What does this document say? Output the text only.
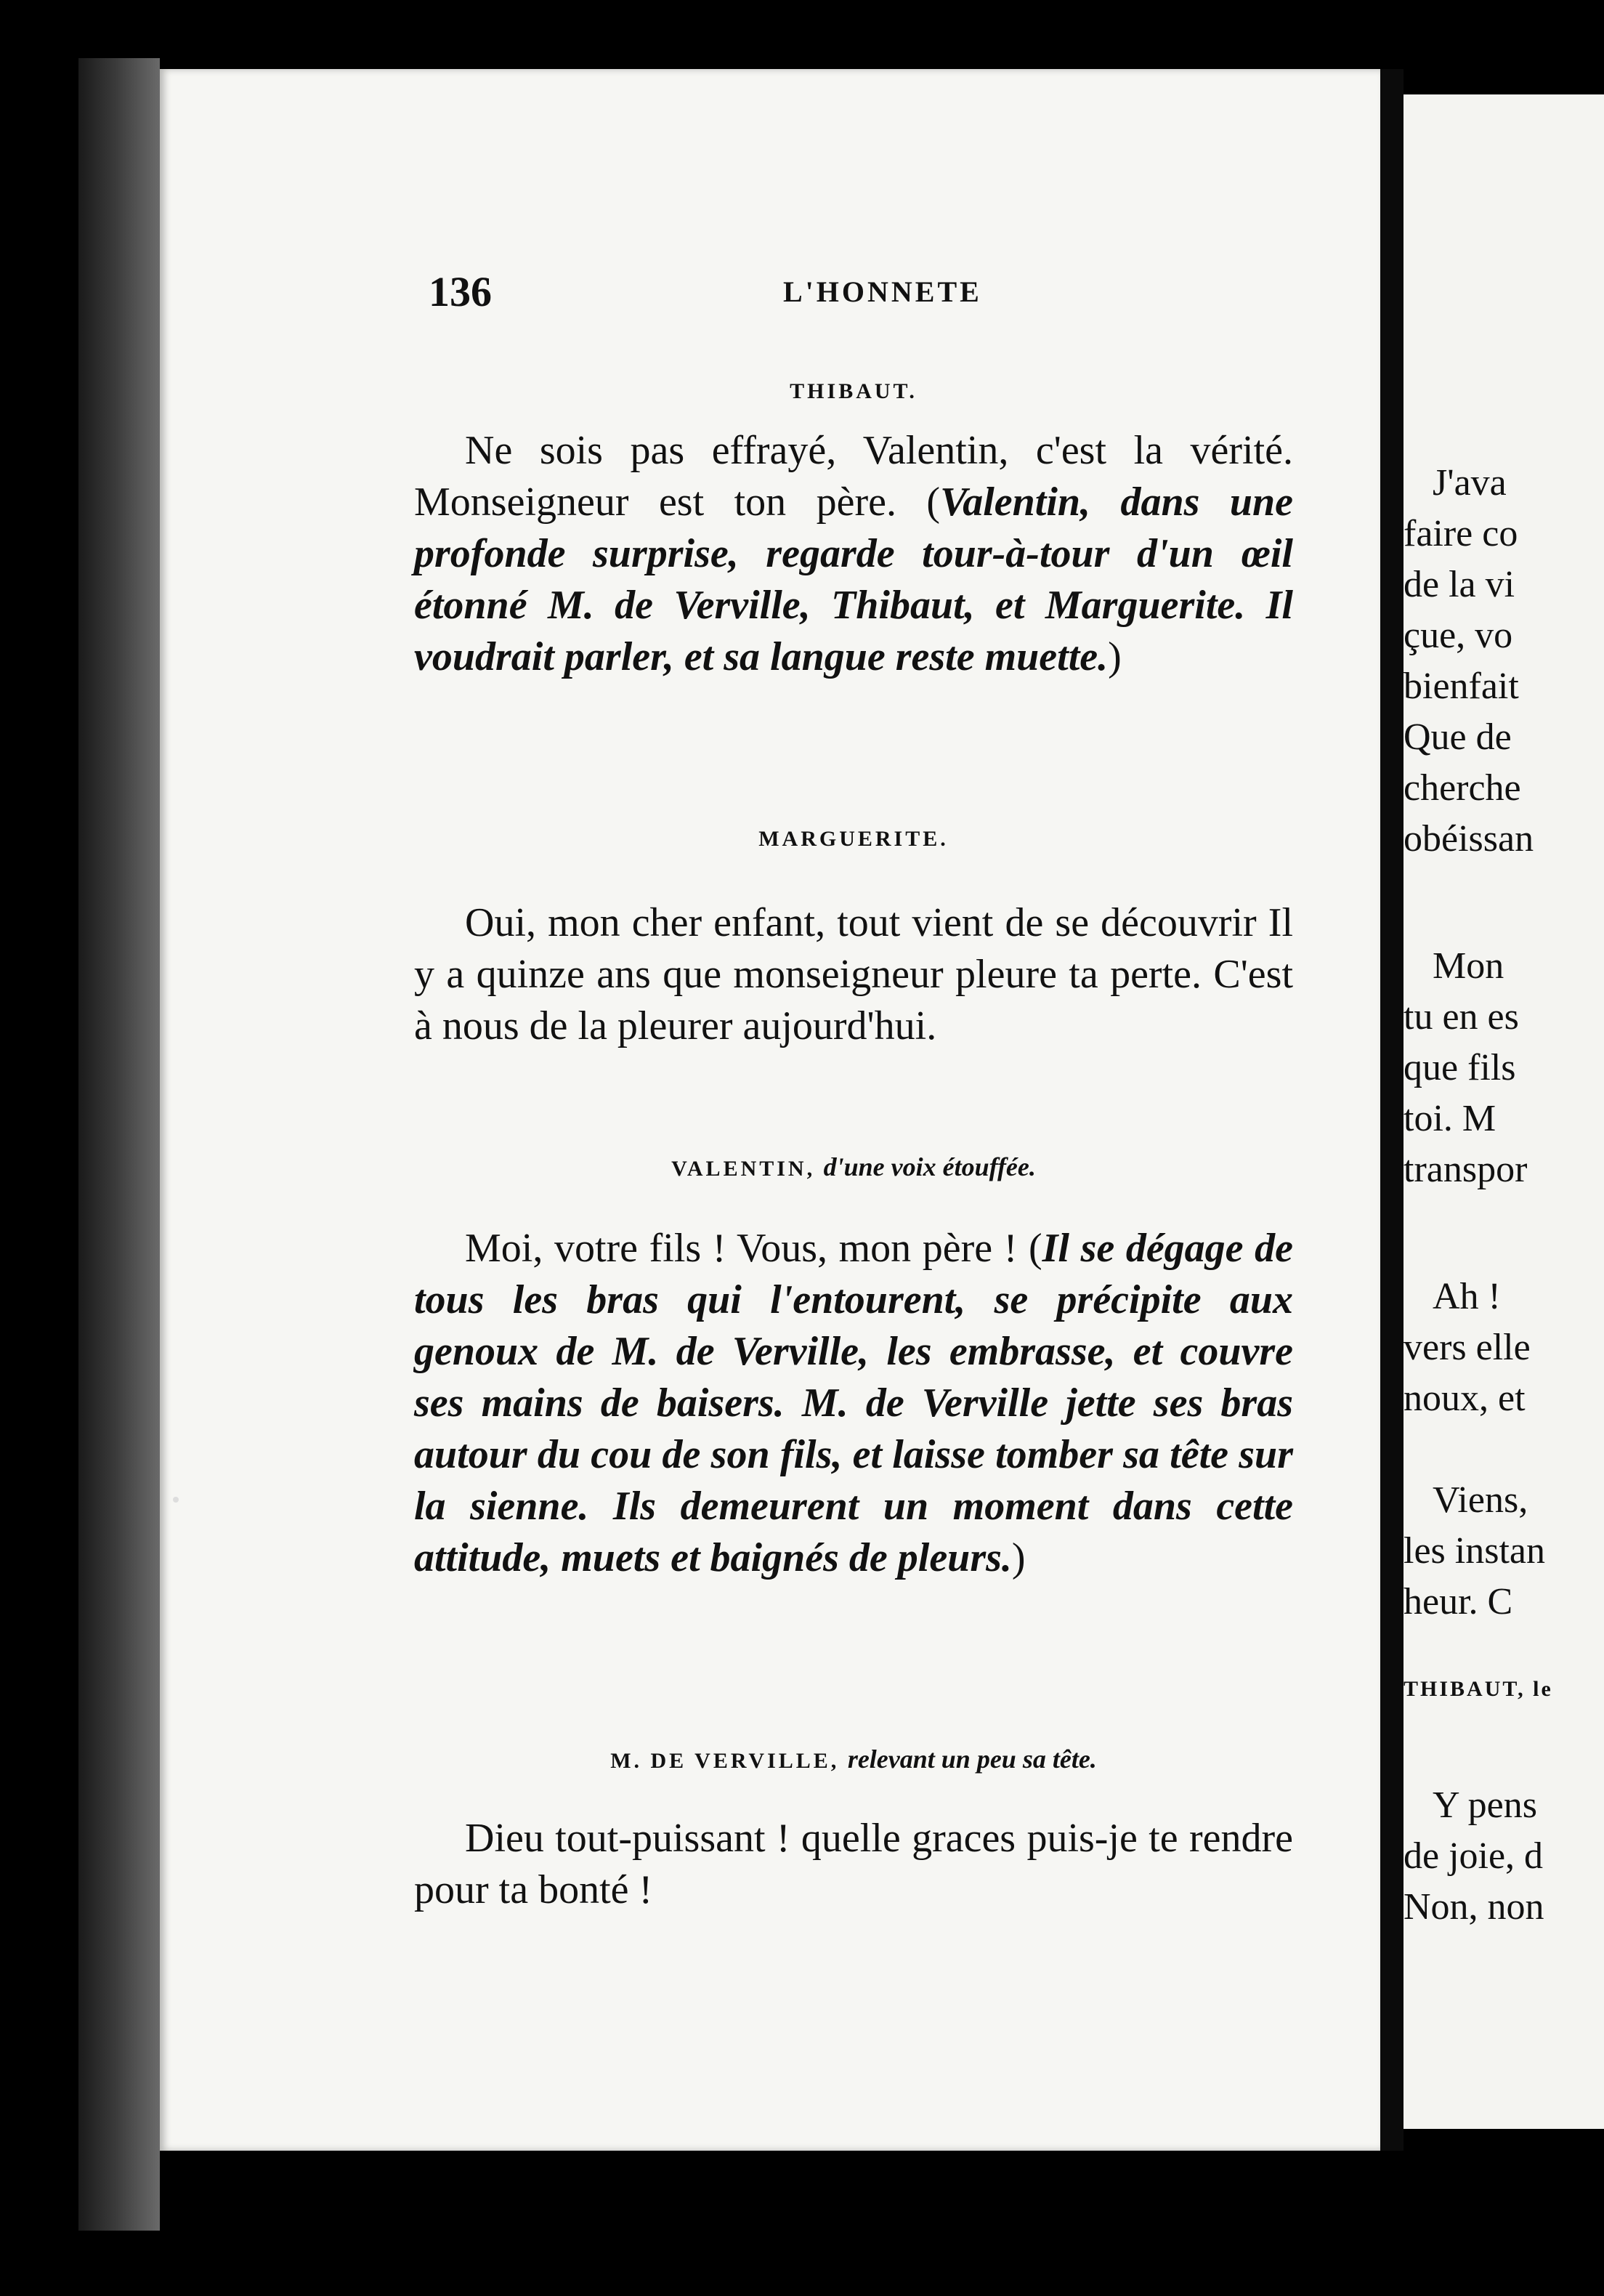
J'ava
faire co
de la vi
çue, vo
bienfait
Que de
cherche
obéissan
Mon
tu en es
que fils
toi. M
transpor
Ah !
vers elle
noux, et
Viens,
les instan
heur. C
THIBAUT, le
Y pens
de joie, d
Non, non
136	L'HONNETE
THIBAUT.
Ne sois pas effrayé, Valentin, c'est la vérité. Monseigneur est ton père. (Valentin, dans une profonde surprise, regarde tour-à-tour d'un œil étonné M. de Verville, Thibaut, et Marguerite. Il voudrait parler, et sa langue reste muette.)
MARGUERITE.
Oui, mon cher enfant, tout vient de se découvrir Il y a quinze ans que monseigneur pleure ta perte. C'est à nous de la pleurer aujourd'hui.
VALENTIN, d'une voix étouffée.
Moi, votre fils ! Vous, mon père ! (Il se dégage de tous les bras qui l'entourent, se précipite aux genoux de M. de Verville, les embrasse, et couvre ses mains de baisers. M. de Verville jette ses bras autour du cou de son fils, et laisse tomber sa tête sur la sienne. Ils demeurent un moment dans cette attitude, muets et baignés de pleurs.)
M. DE VERVILLE, relevant un peu sa tête.
Dieu tout-puissant ! quelle graces puis-je te rendre pour ta bonté !
